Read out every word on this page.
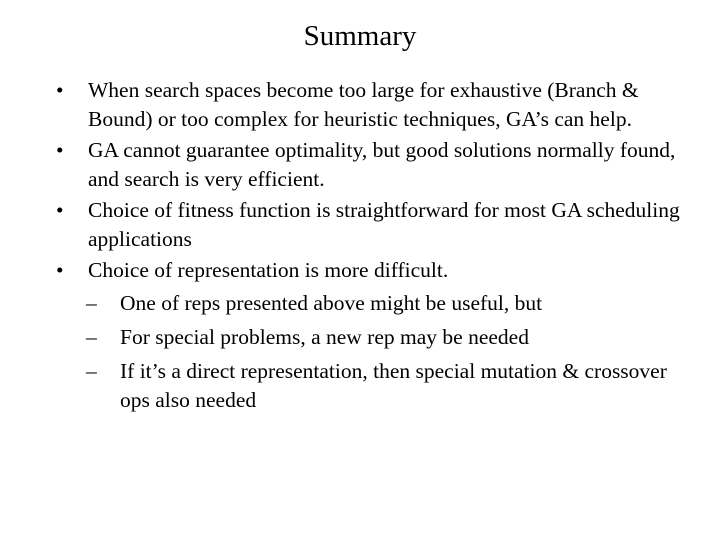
Summary
• When search spaces become too large for exhaustive (Branch & Bound) or too complex for heuristic techniques, GA’s can help.
• GA cannot guarantee optimality, but good solutions normally found, and search is very efficient.
• Choice of fitness function is straightforward for most GA scheduling applications
• Choice of representation is more difficult.
– One of reps presented above might be useful, but
– For special problems, a new rep may be needed
– If it’s a direct representation, then special mutation & crossover ops also needed
